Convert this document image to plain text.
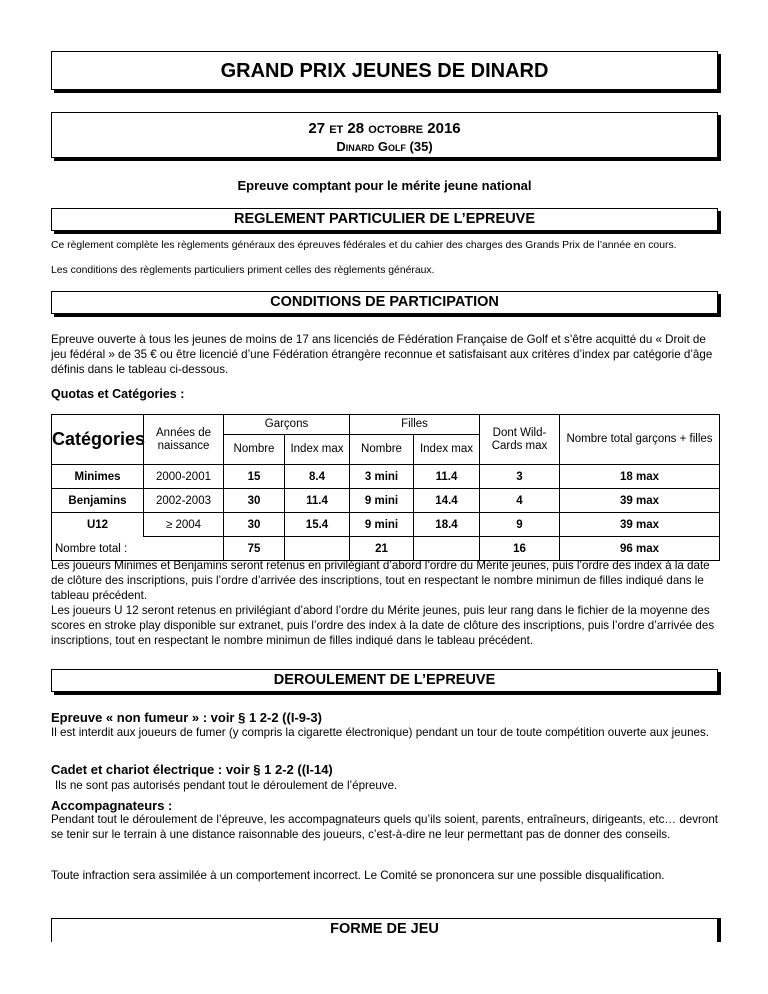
GRAND PRIX JEUNES DE DINARD
27 et 28 octobre 2016
Dinard Golf (35)

Epreuve comptant pour le mérite jeune national

REGLEMENT PARTICULIER DE L’EPREUVE

Ce règlement complète les règlements généraux des épreuves fédérales et du cahier des charges des Grands Prix de l’année en cours.

Les conditions des règlements particuliers priment celles des règlements généraux.

CONDITIONS DE PARTICIPATION

Epreuve ouverte à tous les jeunes de moins de 17 ans licenciés de Fédération Française de Golf et s’être acquitté du « Droit de jeu fédéral » de 35 € ou être licencié d’une Fédération étrangère reconnue et satisfaisant aux critères d’index par catégorie d’âge définis dans le tableau ci-dessous.

Quotas et Catégories :

Catégories	Années de naissance	Garçons		Filles		Dont Wild-Cards max	Nombre total garçons + filles
		Nombre	Index max	Nombre	Index max		
Minimes	2000-2001	15	8.4	3 mini	11.4	3	18 max
Benjamins	2002-2003	30	11.4	9 mini	14.4	4	39 max
U12	≥ 2004	30	15.4	9 mini	18.4	9	39 max
Nombre total :		75		21		16	96 max

Les joueurs Minimes et Benjamins seront retenus en privilégiant d’abord l’ordre du Mérite jeunes, puis l’ordre des index à la date de clôture des inscriptions, puis l’ordre d’arrivée des inscriptions, tout en respectant le nombre minimun de filles indiqué dans le tableau précédent.

Les joueurs U 12 seront retenus en privilégiant d’abord l’ordre du Mérite jeunes, puis leur rang dans le fichier de la moyenne des scores en stroke play disponible sur extranet, puis l’ordre des index à la date de clôture des inscriptions, puis l’ordre d’arrivée des inscriptions, tout en respectant le nombre minimun de filles indiqué dans le tableau précédent.

DEROULEMENT DE L’EPREUVE

Epreuve « non fumeur » : voir § 1 2-2 ((I-9-3)

Il est interdit aux joueurs de fumer (y compris la cigarette électronique) pendant un tour de toute compétition ouverte aux jeunes.

Cadet et chariot électrique : voir § 1 2-2 ((I-14)

Ils ne sont pas autorisés pendant tout le déroulement de l’épreuve.

Accompagnateurs :

Pendant tout le déroulement de l’épreuve, les accompagnateurs quels qu’ils soient, parents, entraîneurs, dirigeants, etc… devront se tenir sur le terrain à une distance raisonnable des joueurs, c’est-à-dire ne leur permettant pas de donner des conseils.

Toute infraction sera assimilée à un comportement incorrect. Le Comité se prononcera sur une possible disqualification.

FORME DE JEU
